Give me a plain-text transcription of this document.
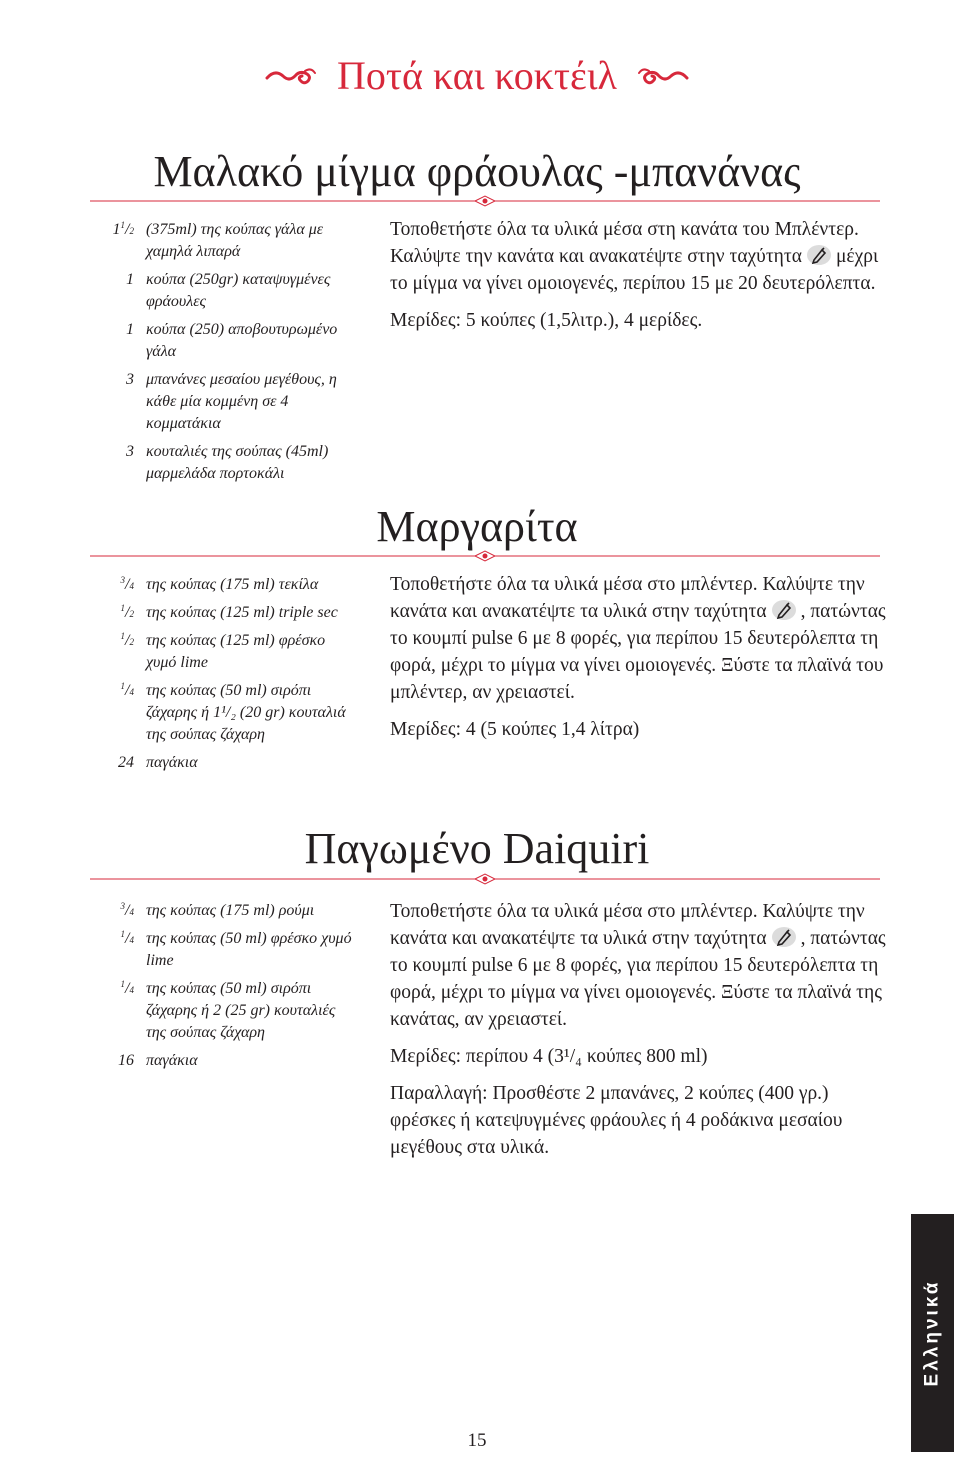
Ποτά και κοκτέιλ
Μαλακό μίγμα φράουλας -μπανάνας
$1^1/2$ (375ml) της κούπας γάλα με χαμηλά λιπαρά
1 κούπα (250gr) καταψυγμένες φράουλες
1 κούπα (250) αποβουτυρωμένο γάλα
3 μπανάνες μεσαίου μεγέθους, η κάθε μία κομμένη σε 4 κομματάκια
3 κουταλιές της σούπας (45ml) μαρμελάδα πορτοκάλι

Τοποθετήστε όλα τα υλικά μέσα στη κανάτα του Μπλέντερ. Καλύψτε την κανάτα και ανακατέψτε στην ταχύτητα μέχρι το μίγμα να γίνει ομοιογενές, περίπου 15 με 20 δευτερόλεπτα.

Μερίδες: 5 κούπες (1,5λιτρ.), 4 μερίδες.

Μαργαρίτα
$^3$/4 της κούπας (175 ml) τεκίλα
$^1$/2 της κούπας (125 ml) triple sec
$^1$/2 της κούπας (125 ml) φρέσκο χυμό lime
$^1$/4 της κούπας (50 ml) σιρόπι ζάχαρης ή 1¹/₂ (20 gr) κουταλιά της σούπας ζάχαρη
24 παγάκια

Τοποθετήστε όλα τα υλικά μέσα στο μπλέντερ. Καλύψτε την κανάτα και ανακατέψτε τα υλικά στην ταχύτητα , πατώντας το κουμπί pulse 6 με 8 φορές, για περίπου 15 δευτερόλεπτα τη φορά, μέχρι το μίγμα να γίνει ομοιογενές. Ξύστε τα πλαϊνά του μπλέντερ, αν χρειαστεί.

Μερίδες: 4 (5 κούπες 1,4 λίτρα)

Παγωμένο Daiquiri
$^3$/4 της κούπας (175 ml) ρούμι
$^1$/4 της κούπας (50 ml) φρέσκο χυμό lime
$^1$/4 της κούπας (50 ml) σιρόπι ζάχαρης ή 2 (25 gr) κουταλιές της σούπας ζάχαρη
16 παγάκια

Τοποθετήστε όλα τα υλικά μέσα στο μπλέντερ. Καλύψτε την κανάτα και ανακατέψτε τα υλικά στην ταχύτητα , πατώντας το κουμπί pulse 6 με 8 φορές, για περίπου 15 δευτερόλεπτα τη φορά, μέχρι το μίγμα να γίνει ομοιογενές. Ξύστε τα πλαϊνά της κανάτας, αν χρειαστεί.

Μερίδες: περίπου 4 (3¹/₄ κούπες 800 ml)

Παραλλαγή: Προσθέστε 2 μπανάνες, 2 κούπες (400 γρ.) φρέσκες ή κατεψυγμένες φράουλες ή 4 ροδάκινα μεσαίου μεγέθους στα υλικά.

Ελληνικά
15
